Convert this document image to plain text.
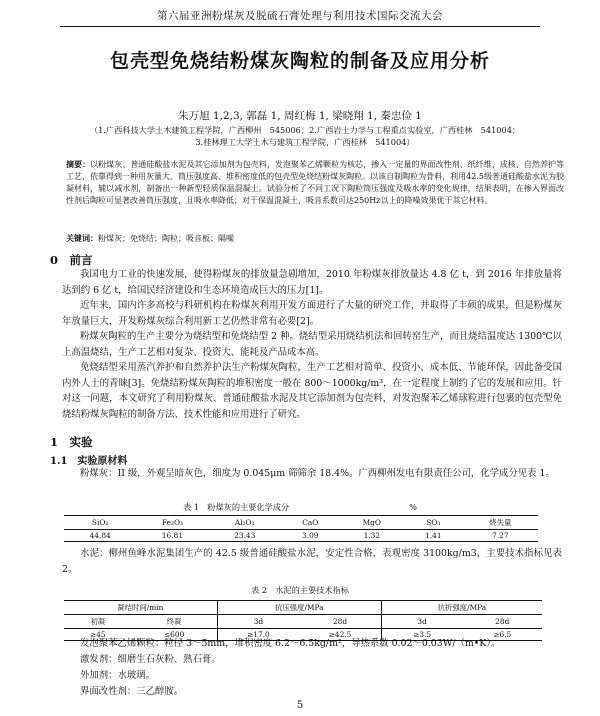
第六届亚洲粉煤灰及脱硫石膏处理与利用技术国际交流大会
包壳型免烧结粉煤灰陶粒的制备及应用分析
朱万旭 1,2,3, 郭磊 1, 周红梅 1, 梁晓翔 1, 秦忠俭 1
（1.广西科技大学土木建筑工程学院，广西柳州　545006；2.广西岩土力学与工程重点实验室，广西桂林　541004；
3.桂林理工大学土木与建筑工程学院，广西桂林　541004）
摘要：以粉煤灰、普通硅酸盐水泥及其它添加剂为包壳料，发泡聚苯乙烯颗粒为核芯，掺入一定量的界面改性剂、纸纤维、成核、自然养护等工艺，依靠得到一种用灰量大、筒压强度高、堆积密度低的包壳型免烧结粉煤灰陶粒。以该自制陶粒为骨料，利用42.5级普通硅酸盐水泥为胶凝材料，辅以减水剂，制备出一种新型轻质保温混凝土。试验分析了不同工况下陶粒筒压强度及吸水率的变化规律，结果表明，在掺入界面改性剂后陶粒可显著改善筒压强度，且吸水率降低；对于保温混凝土，吸音系数可达250Hz以上的降噪效果优于其它材料。
关键词：粉煤灰；免烧结；陶粒；吸音板；隔噪
0　前言
我国电力工业的快速发展，使得粉煤灰的排放量急剧增加，2010 年粉煤灰排放量达 4.8 亿 t，到 2016 年排放量将达到约 6 亿 t，给国民经济建设和生态环境造成巨大的压力[1]。
近年来，国内许多高校与科研机构在粉煤灰利用开发方面进行了大量的研究工作，并取得了丰硕的成果，但是粉煤灰年放量巨大，开发粉煤灰综合利用新工艺仍然非常有必要[2]。
粉煤灰陶粒的生产主要分为烧结型和免烧结型 2 种。烧结型采用烧结机法和回转窑生产，而且烧结温度达 1300℃以上高温烧结，生产工艺相对复杂、投资大、能耗及产品成本高。
免烧结型采用蒸汽养护和自然养护法生产粉煤灰陶粒，生产工艺相对简单、投资小、成本低、节能环保，因此备受国内外人士的青睐[3]。免烧结粉煤灰陶粒的堆积密度一般在 800～1000kg/m³，在一定程度上制约了它的发展和应用。针对这一问题，本文研究了利用粉煤灰、普通硅酸盐水泥及其它添加剂为包壳料，对发泡聚苯乙烯球粒进行包裹的包壳型免烧结粉煤灰陶粒的制备方法、技术性能和应用进行了研究。
1　实验
1.1　实验原材料
粉煤灰：II 级，外观呈暗灰色，细度为 0.045μm 筛筛余 18.4%。广西柳州发电有限责任公司，化学成分见表 1。
表 1　粉煤灰的主要化学成分	%
SiO₂	Fe₂O₃	Al₂O₃	CaO	MgO	SO₃	烧失量
44.84	16.81	23.43	3.09	1.32	1.41	7.27
水泥：柳州鱼峰水泥集团生产的 42.5 级普通硅酸盐水泥，安定性合格，表观密度 3100kg/m3，主要技术指标见表 2。
表 2　水泥的主要技术指标
凝结时间/min		抗压强度/MPa		抗折强度/MPa	
初凝	终凝	3d	28d	3d	28d
≥45	≤600	≥17.0	≥42.5	≥3.5	≥6.5
发泡聚苯乙烯颗粒：粒径 3～5mm，堆积密度 6.2～6.5kg/m²，导热系数 0.02～0.03W/（m•K）。
激发剂：细磨生石灰粉、熟石膏。
外加剂：水玻璃。
界面改性剂：三乙醇胺。
5
